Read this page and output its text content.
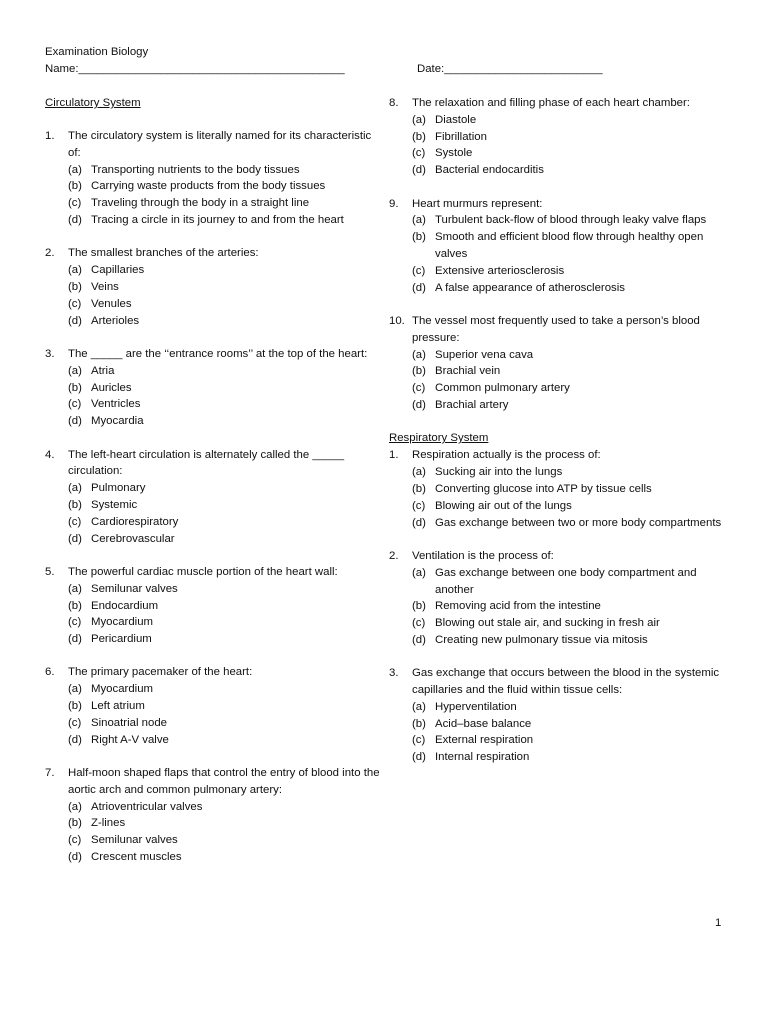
Examination Biology
Name:__________________________________________	Date:_________________________
Circulatory System
1. The circulatory system is literally named for its characteristic of:
(a) Transporting nutrients to the body tissues
(b) Carrying waste products from the body tissues
(c) Traveling through the body in a straight line
(d) Tracing a circle in its journey to and from the heart
2. The smallest branches of the arteries:
(a) Capillaries
(b) Veins
(c) Venules
(d) Arterioles
3. The _____ are the ‘‘entrance rooms’’ at the top of the heart:
(a) Atria
(b) Auricles
(c) Ventricles
(d) Myocardia
4. The left-heart circulation is alternately called the _____ circulation:
(a) Pulmonary
(b) Systemic
(c) Cardiorespiratory
(d) Cerebrovascular
5. The powerful cardiac muscle portion of the heart wall:
(a) Semilunar valves
(b) Endocardium
(c) Myocardium
(d) Pericardium
6. The primary pacemaker of the heart:
(a) Myocardium
(b) Left atrium
(c) Sinoatrial node
(d) Right A-V valve
7. Half-moon shaped flaps that control the entry of blood into the aortic arch and common pulmonary artery:
(a) Atrioventricular valves
(b) Z-lines
(c) Semilunar valves
(d) Crescent muscles
8. The relaxation and filling phase of each heart chamber:
(a) Diastole
(b) Fibrillation
(c) Systole
(d) Bacterial endocarditis
9. Heart murmurs represent:
(a) Turbulent back-flow of blood through leaky valve flaps
(b) Smooth and efficient blood flow through healthy open valves
(c) Extensive arteriosclerosis
(d) A false appearance of atherosclerosis
10. The vessel most frequently used to take a person’s blood pressure:
(a) Superior vena cava
(b) Brachial vein
(c) Common pulmonary artery
(d) Brachial artery
Respiratory System
1. Respiration actually is the process of:
(a) Sucking air into the lungs
(b) Converting glucose into ATP by tissue cells
(c) Blowing air out of the lungs
(d) Gas exchange between two or more body compartments
2. Ventilation is the process of:
(a) Gas exchange between one body compartment and another
(b) Removing acid from the intestine
(c) Blowing out stale air, and sucking in fresh air
(d) Creating new pulmonary tissue via mitosis
3. Gas exchange that occurs between the blood in the systemic capillaries and the fluid within tissue cells:
(a) Hyperventilation
(b) Acid–base balance
(c) External respiration
(d) Internal respiration
1
